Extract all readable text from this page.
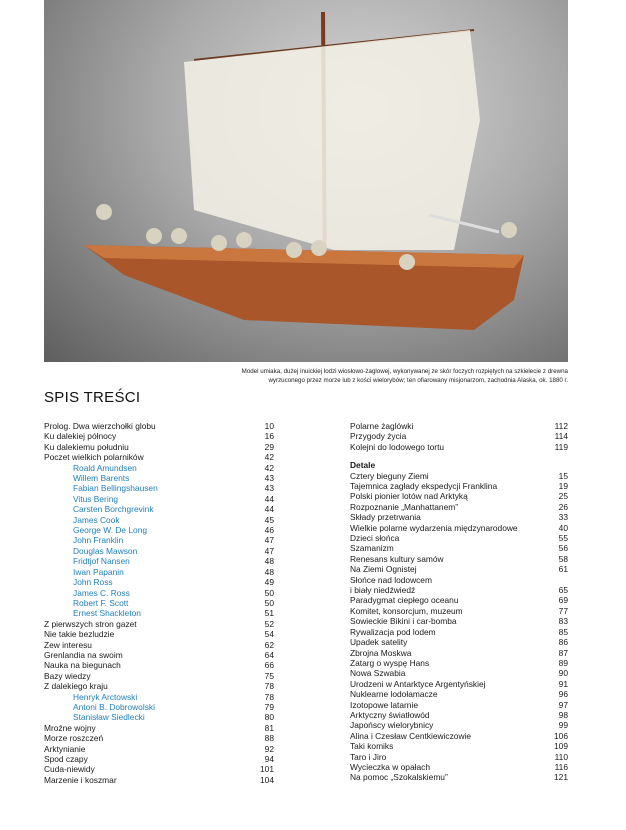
Model umiaka, dużej inuickiej łodzi wiosłowo-żaglowej, wykonywanej ze skór foczych rozpiętych na szkielecie z drewna
wyrzuconego przez morze lub z kości wielorybów; ten ofiarowany misjonarzom, zachodnia Alaska, ok. 1880 r.
SPIS TREŚCI
Prolog. Dwa wierzchołki globu	10
Ku dalekiej północy	16
Ku dalekiemu południu	29
Poczet wielkich polarników	42
Roald Amundsen	42
Willem Barents	43
Fabian Bellingshausen	43
Vitus Bering	44
Carsten Borchgrevink	44
James Cook	45
George W. De Long	46
John Franklin	47
Douglas Mawson	47
Fridtjof Nansen	48
Iwan Papanin	48
John Ross	49
James C. Ross	50
Robert F. Scott	50
Ernest Shackleton	51
Z pierwszych stron gazet	52
Nie takie bezludzie	54
Zew interesu	62
Grenlandia na swoim	64
Nauka na biegunach	66
Bazy wiedzy	75
Z dalekiego kraju	78
Henryk Arctowski	78
Antoni B. Dobrowolski	79
Stanisław Siedlecki	80
Mroźne wojny	81
Morze roszczeń	88
Arktynianie	92
Spod czapy	94
Cuda-niewidy	101
Marzenie i koszmar	104
Polarne żaglówki	112
Przygody życia	114
Kolejni do lodowego tortu	119
Detale
Cztery bieguny Ziemi	15
Tajemnica zagłady ekspedycji Franklina	19
Polski pionier lotów nad Arktyką	25
Rozpoznanie „Manhattanem”	26
Składy przetrwania	33
Wielkie polarne wydarzenia międzynarodowe	40
Dzieci słońca	55
Szamanizm	56
Renesans kultury samów	58
Na Ziemi Ognistej	61
Słońce nad lodowcem
i biały niedźwiedź	65
Paradygmat ciepłego oceanu	69
Komitet, konsorcjum, muzeum	77
Sowieckie Bikini i car-bomba	83
Rywalizacja pod lodem	85
Upadek satelity	86
Zbrojna Moskwa	87
Zatarg o wyspę Hans	89
Nowa Szwabia	90
Urodzeni w Antarktyce Argentyńskiej	91
Nuklearne lodołamacze	96
Izotopowe latarnie	97
Arktyczny światłowód	98
Japońscy wielorybnicy	99
Alina i Czesław Centkiewiczowie	106
Taki komiks	109
Taro i Jiro	110
Wycieczka w opałach	116
Na pomoc „Szokalskiemu”	121
